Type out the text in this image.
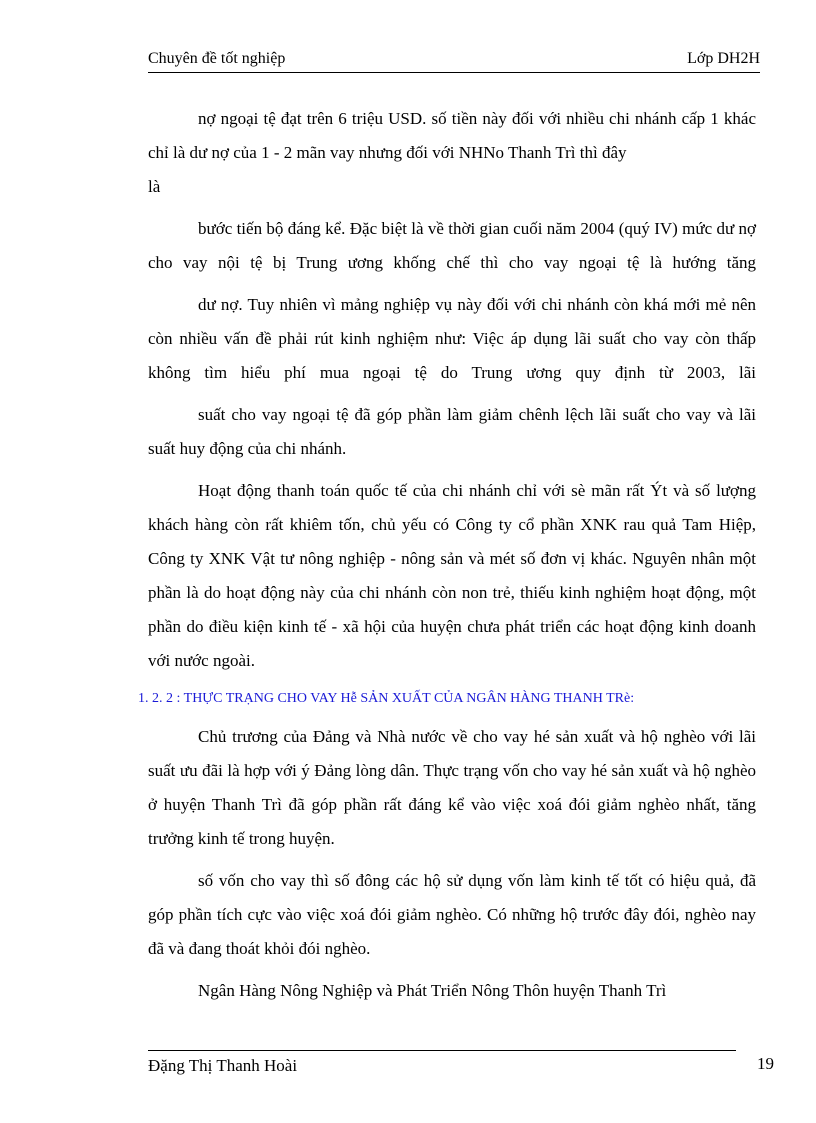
Chuyên đề tốt nghiệp	Lớp DH2H

nợ ngoại tệ đạt trên 6 triệu USD. số tiền này đối với nhiều chi nhánh cấp 1 khác chỉ là dư nợ của 1 - 2 mãn vay nhưng đối với NHNo Thanh Trì thì đây

là

bước tiến bộ đáng kể. Đặc biệt là về thời gian cuối năm 2004 (quý IV) mức dư nợ cho vay nội tệ bị Trung ương khống chế thì cho vay ngoại tệ là hướng tăng

dư nợ. Tuy nhiên vì mảng nghiệp vụ này đối với chi nhánh còn khá mới mẻ nên còn nhiều vấn đề phải rút kinh nghiệm như: Việc áp dụng lãi suất cho vay còn thấp không tìm hiểu phí mua ngoại tệ do Trung ương quy định từ 2003, lãi

suất cho vay ngoại tệ đã góp phần làm giảm chênh lệch lãi suất cho vay và lãi suất huy động của chi nhánh.

Hoạt động thanh toán quốc tế của chi nhánh chỉ với sè mãn rất Ýt và số lượng khách hàng còn rất khiêm tốn, chủ yếu có Công ty cổ phần XNK rau quả Tam Hiệp, Công ty XNK Vật tư nông nghiệp - nông sản và mét số đơn vị khác. Nguyên nhân một phần là do hoạt động này của chi nhánh còn non trẻ, thiếu kinh nghiệm hoạt động, một phần do điều kiện kinh tế - xã hội của huyện chưa phát triển các hoạt động kinh doanh với nước ngoài.

1. 2. 2 : THỰC TRẠNG CHO VAY Hễ SẢN XUẤT CỦA NGÂN HÀNG THANH TRè:

Chủ trương của Đảng và Nhà nước về cho vay hé sản xuất và hộ nghèo với lãi suất ưu đãi là hợp với ý Đảng lòng dân. Thực trạng vốn cho vay hé sản xuất và hộ nghèo ở huyện Thanh Trì đã góp phần rất đáng kể vào việc xoá đói giảm nghèo nhất, tăng trưởng kinh tế trong huyện.

số vốn cho vay thì số đông các hộ sử dụng vốn làm kinh tế tốt có hiệu quả, đã góp phần tích cực vào việc xoá đói giảm nghèo. Có những hộ trước đây đói, nghèo nay đã và đang thoát khỏi đói nghèo.

Ngân Hàng Nông Nghiệp và Phát Triển Nông Thôn huyện Thanh Trì

Đặng Thị Thanh Hoài	19
